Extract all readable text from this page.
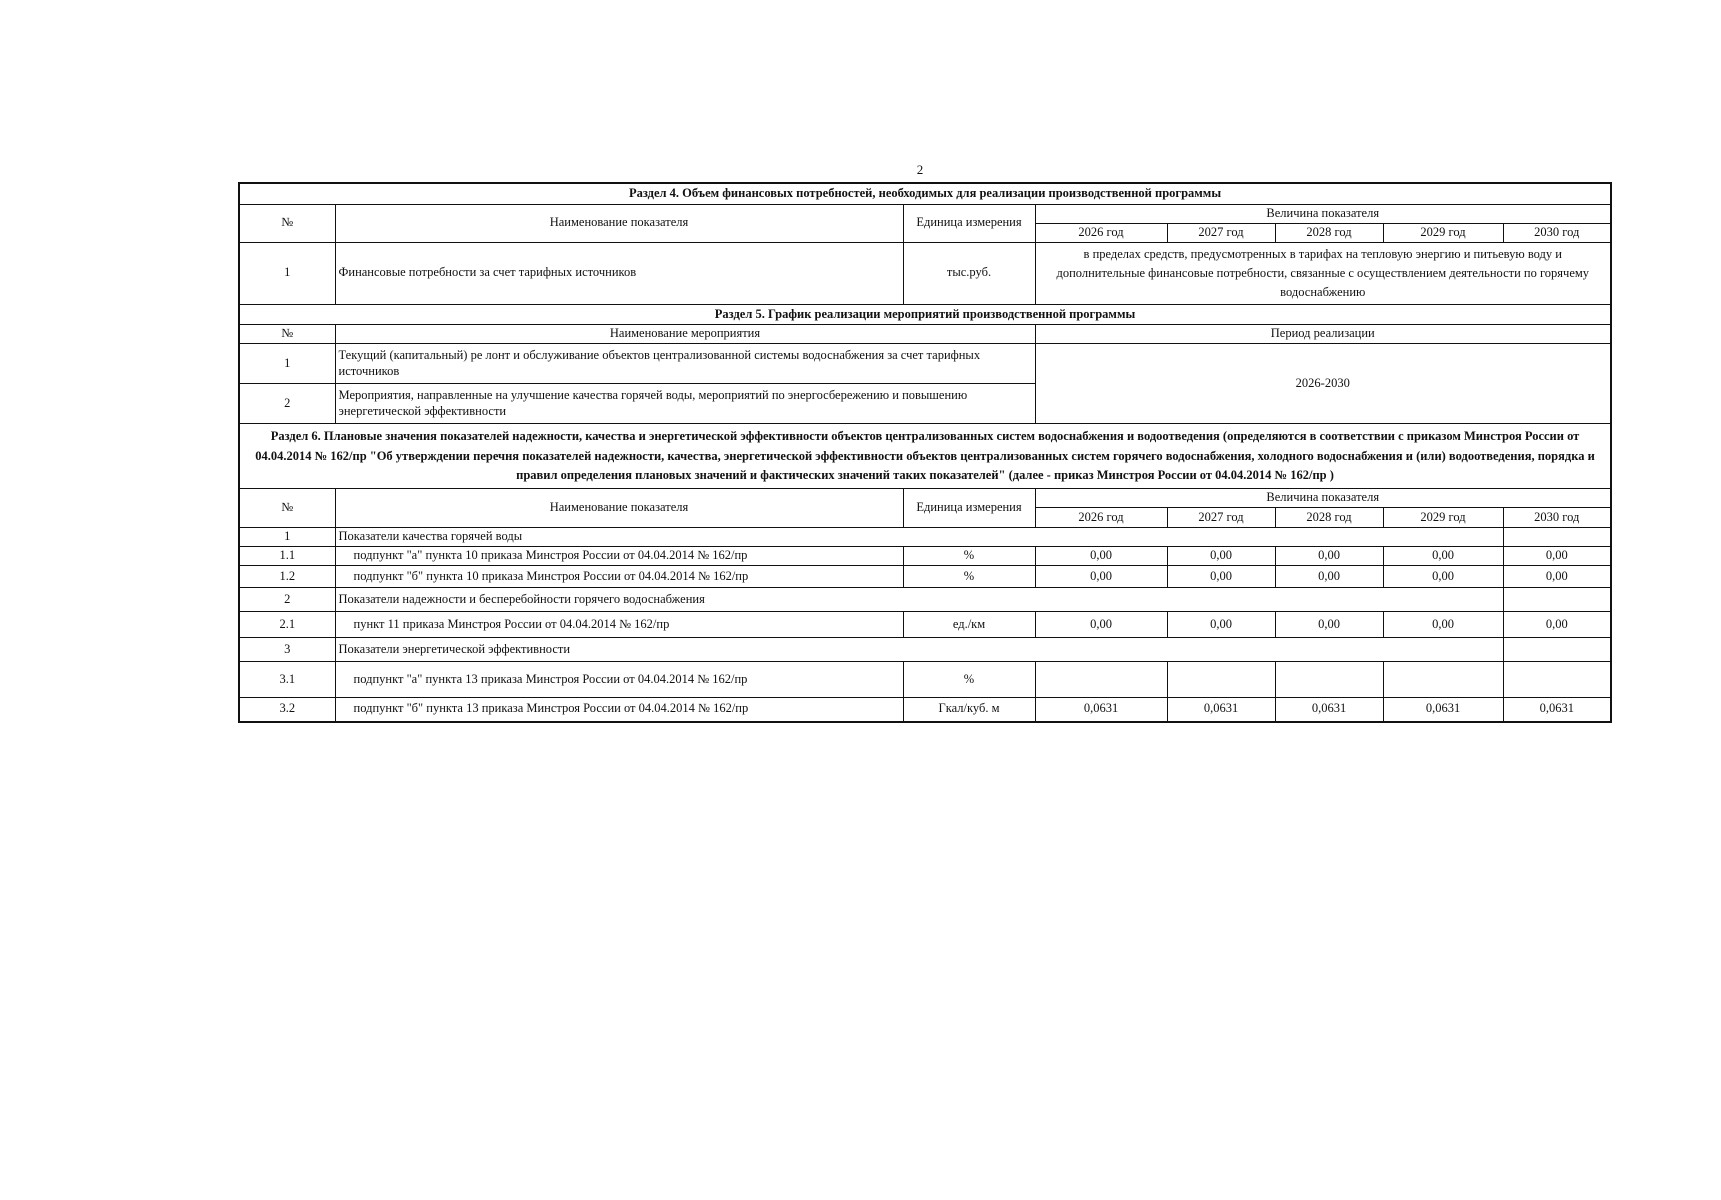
2
Раздел 4. Объем финансовых потребностей, необходимых для реализации производственной программы							
№	Наименование показателя	Единица измерения	Величина показателя				
			2026 год	2027 год	2028 год	2029 год	2030 год
1	Финансовые потребности за счет тарифных источников	тыс.руб.	в пределах средств, предусмотренных в тарифах на тепловую энергию и питьевую воду и дополнительные финансовые потребности, связанные с осуществлением деятельности по горячему водоснабжению				
Раздел 5. График реализации мероприятий производственной программы							
№	Наименование мероприятия		Период реализации				
1	Текущий (капитальный) ре лонт и обслуживание объектов централизованной системы водоснабжения за счет тарифных источников		2026-2030				
2	Мероприятия, направленные на улучшение качества горячей воды, мероприятий по энергосбережению и повышению энергетической эффективности						
Раздел 6. Плановые значения показателей надежности, качества и энергетической эффективности объектов централизованных систем водоснабжения и водоотведения (определяются в соответствии с приказом Минстроя России от 04.04.2014 № 162/пр "Об утверждении перечня показателей надежности, качества, энергетической эффективности объектов централизованных систем горячего водоснабжения, холодного водоснабжения и (или) водоотведения, порядка и правил определения плановых значений и фактических значений таких показателей" (далее - приказ Минстроя России от 04.04.2014 № 162/пр )							
№	Наименование показателя	Единица измерения	Величина показателя				
			2026 год	2027 год	2028 год	2029 год	2030 год
1	Показатели качества горячей воды						
1.1	подпункт "а" пункта 10 приказа Минстроя России от 04.04.2014 № 162/пр	%	0,00	0,00	0,00	0,00	0,00
1.2	подпункт "б" пункта 10 приказа Минстроя России от 04.04.2014 № 162/пр	%	0,00	0,00	0,00	0,00	0,00
2	Показатели надежности и бесперебойности горячего водоснабжения						
2.1	пункт 11 приказа Минстроя России от 04.04.2014 № 162/пр	ед./км	0,00	0,00	0,00	0,00	0,00
3	Показатели энергетической эффективности						
3.1	подпункт "а" пункта 13 приказа Минстроя России от 04.04.2014 № 162/пр	%					
3.2	подпункт "б" пункта 13 приказа Минстроя России от 04.04.2014 № 162/пр	Гкал/куб. м	0,0631	0,0631	0,0631	0,0631	0,0631
